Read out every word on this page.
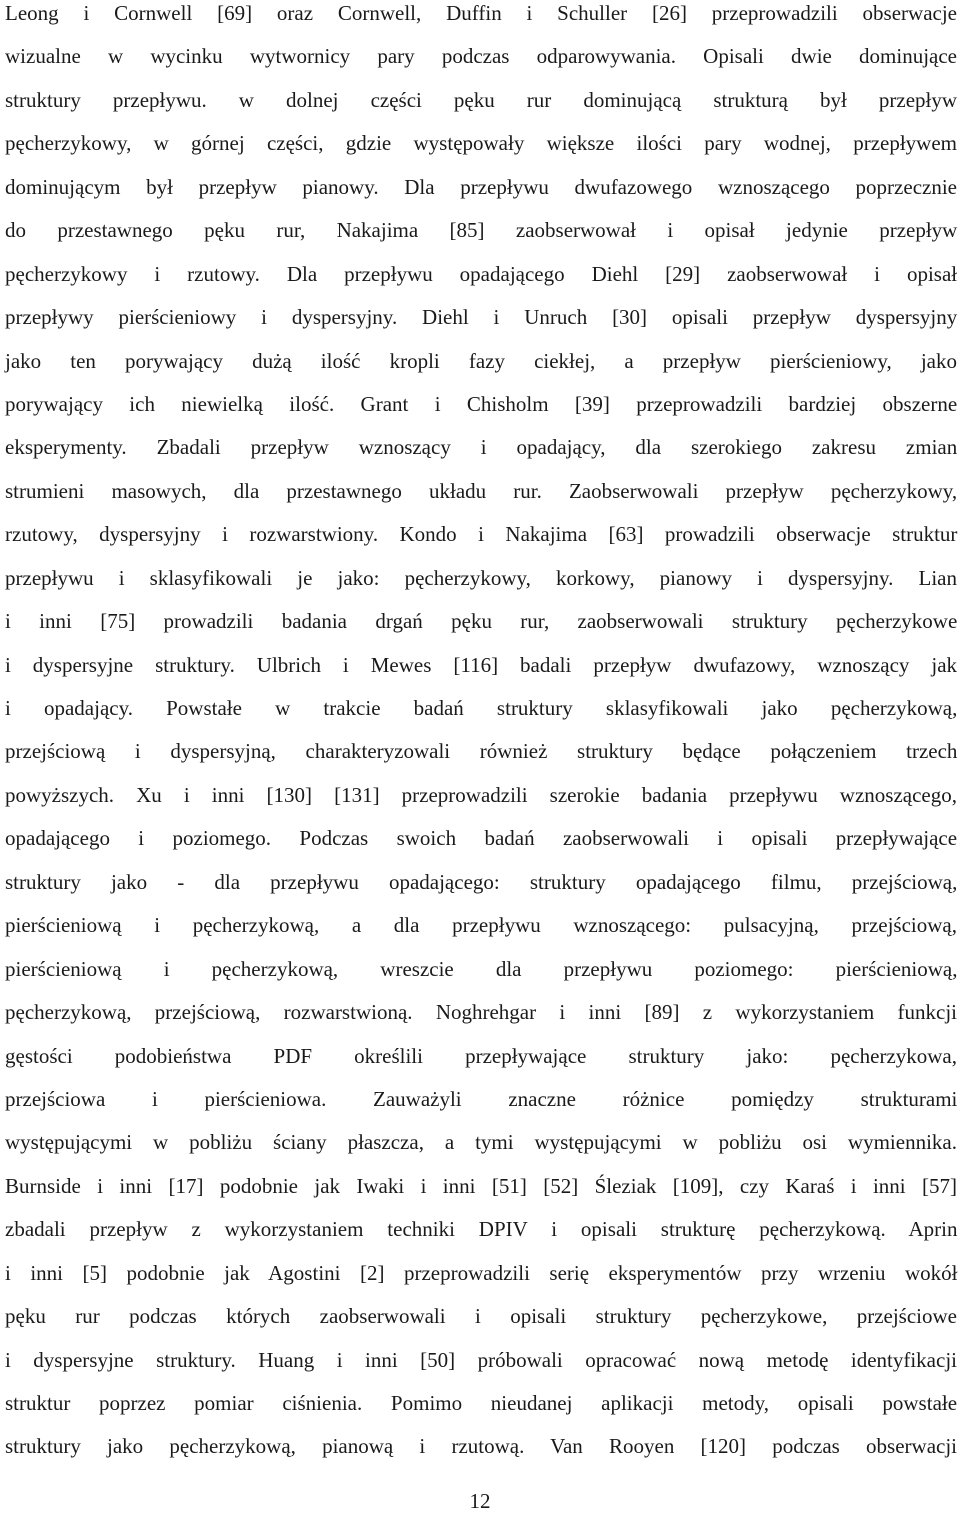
Leong i Cornwell [69] oraz Cornwell, Duffin i Schuller [26] przeprowadzili obserwacje
wizualne w wycinku wytwornicy pary podczas odparowywania. Opisali dwie dominujące
struktury przepływu. w dolnej części pęku rur dominującą strukturą był przepływ
pęcherzykowy, w górnej części, gdzie występowały większe ilości pary wodnej, przepływem
dominującym był przepływ pianowy. Dla przepływu dwufazowego wznoszącego poprzecznie
do przestawnego pęku rur, Nakajima [85] zaobserwował i opisał jedynie przepływ
pęcherzykowy i rzutowy. Dla przepływu opadającego Diehl [29] zaobserwował i opisał
przepływy pierścieniowy i dyspersyjny. Diehl i Unruch [30] opisali przepływ dyspersyjny
jako ten porywający dużą ilość kropli fazy ciekłej, a przepływ pierścieniowy, jako
porywający ich niewielką ilość. Grant i Chisholm [39] przeprowadzili bardziej obszerne
eksperymenty. Zbadali przepływ wznoszący i opadający, dla szerokiego zakresu zmian
strumieni masowych, dla przestawnego układu rur. Zaobserwowali przepływ pęcherzykowy,
rzutowy, dyspersyjny i rozwarstwiony. Kondo i Nakajima [63] prowadzili obserwacje struktur
przepływu i sklasyfikowali je jako: pęcherzykowy, korkowy, pianowy i dyspersyjny. Lian
i inni [75] prowadzili badania drgań pęku rur, zaobserwowali struktury pęcherzykowe
i dyspersyjne struktury. Ulbrich i Mewes [116] badali przepływ dwufazowy, wznoszący jak
i opadający. Powstałe w trakcie badań struktury sklasyfikowali jako pęcherzykową,
przejściową i dyspersyjną, charakteryzowali również struktury będące połączeniem trzech
powyższych. Xu i inni [130] [131] przeprowadzili szerokie badania przepływu wznoszącego,
opadającego i poziomego. Podczas swoich badań zaobserwowali i opisali przepływające
struktury jako - dla przepływu opadającego: struktury opadającego filmu, przejściową,
pierścieniową i pęcherzykową, a dla przepływu wznoszącego: pulsacyjną, przejściową,
pierścieniową i pęcherzykową, wreszcie dla przepływu poziomego: pierścieniową,
pęcherzykową, przejściową, rozwarstwioną. Noghrehgar i inni [89] z wykorzystaniem funkcji
gęstości podobieństwa PDF określili przepływające struktury jako: pęcherzykowa,
przejściowa i pierścieniowa. Zauważyli znaczne różnice pomiędzy strukturami
występującymi w pobliżu ściany płaszcza, a tymi występującymi w pobliżu osi wymiennika.
Burnside i inni [17] podobnie jak Iwaki i inni [51] [52] Śleziak [109], czy Karaś i inni [57]
zbadali przepływ z wykorzystaniem techniki DPIV i opisali strukturę pęcherzykową. Aprin
i inni [5] podobnie jak Agostini [2] przeprowadzili serię eksperymentów przy wrzeniu wokół
pęku rur podczas których zaobserwowali i opisali struktury pęcherzykowe, przejściowe
i dyspersyjne struktury. Huang i inni [50] próbowali opracować nową metodę identyfikacji
struktur poprzez pomiar ciśnienia. Pomimo nieudanej aplikacji metody, opisali powstałe
struktury jako pęcherzykową, pianową i rzutową. Van Rooyen [120] podczas obserwacji
12
